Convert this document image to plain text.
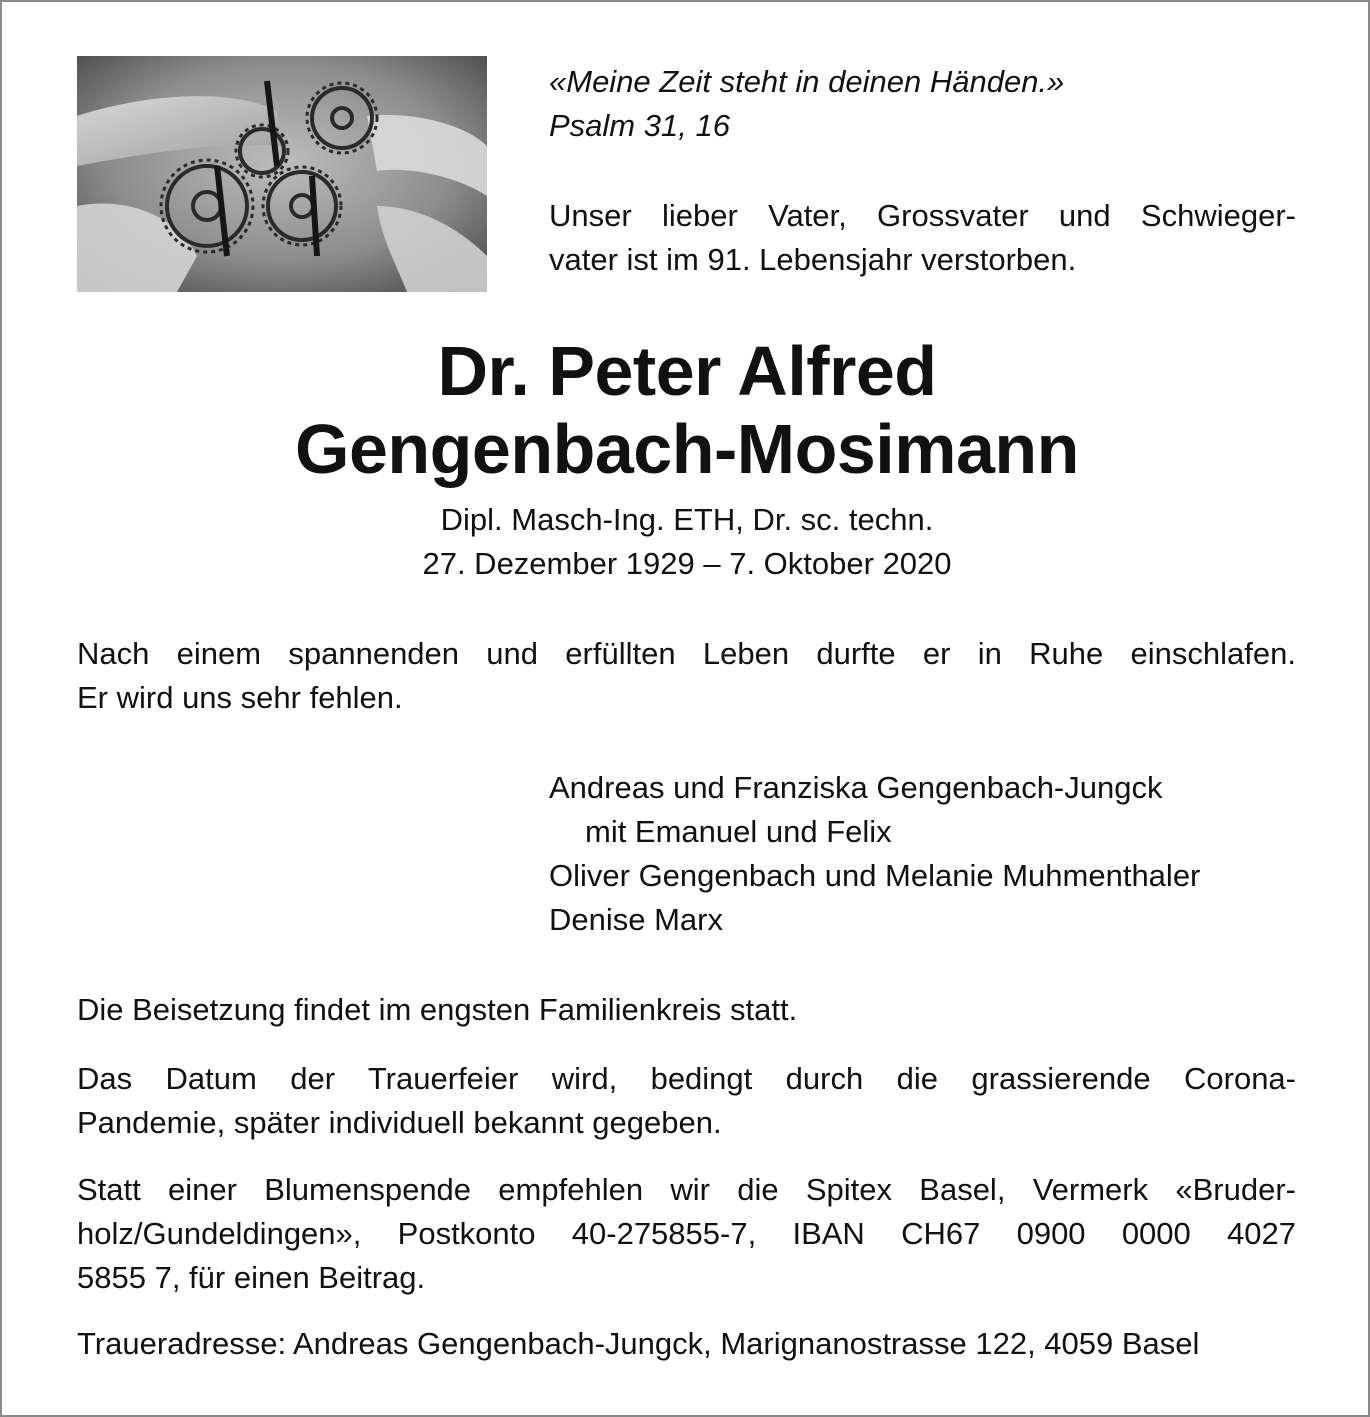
«Meine Zeit steht in deinen Händen.»
Psalm 31, 16
Unser lieber Vater, Grossvater und Schwieger-
vater ist im 91. Lebensjahr verstorben.
Dr. Peter Alfred
Gengenbach-Mosimann
Dipl. Masch-Ing. ETH, Dr. sc. techn.
27. Dezember 1929 – 7. Oktober 2020
Nach einem spannenden und erfüllten Leben durfte er in Ruhe einschlafen.
Er wird uns sehr fehlen.
Andreas und Franziska Gengenbach-Jungck
mit Emanuel und Felix
Oliver Gengenbach und Melanie Muhmenthaler
Denise Marx
Die Beisetzung findet im engsten Familienkreis statt.
Das Datum der Trauerfeier wird, bedingt durch die grassierende Corona-
Pandemie, später individuell bekannt gegeben.
Statt einer Blumenspende empfehlen wir die Spitex Basel, Vermerk «Bruder-
holz/Gundeldingen», Postkonto 40-275855-7, IBAN CH67 0900 0000 4027
5855 7, für einen Beitrag.
Traueradresse: Andreas Gengenbach-Jungck, Marignanostrasse 122, 4059 Basel
